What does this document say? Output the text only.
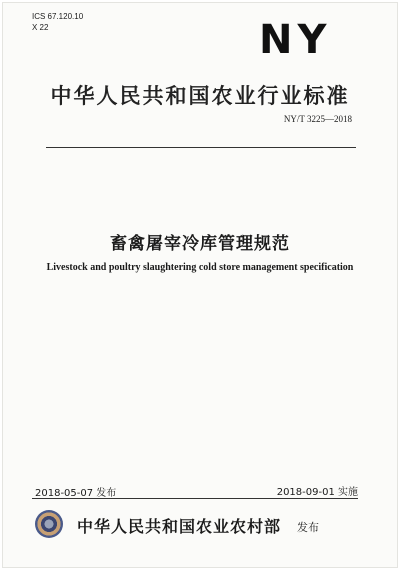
ICS 67.120.10
X 22	NY
中华人民共和国农业行业标准
NY/T 3225—2018
畜禽屠宰冷库管理规范
Livestock and poultry slaughtering cold store management specification
2018-05-07 发布	2018-09-01 实施
中华人民共和国农业农村部 发布
